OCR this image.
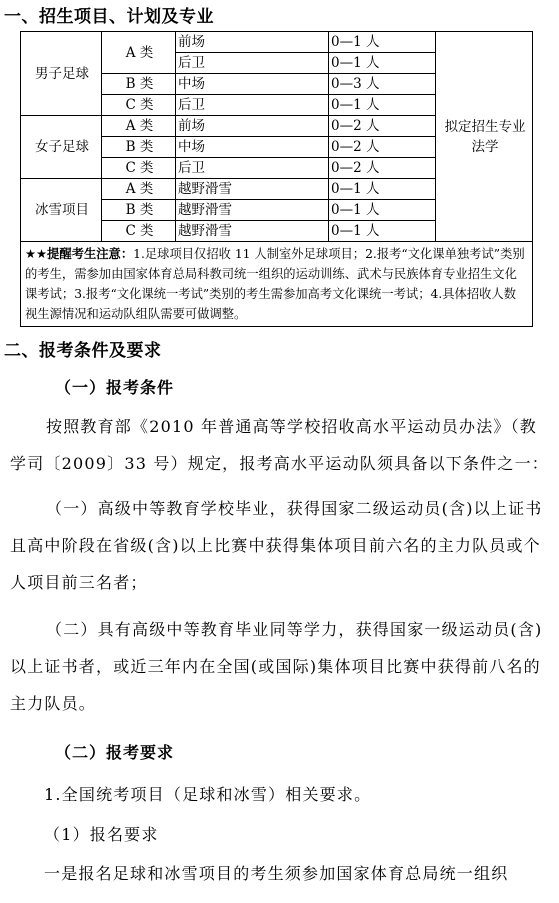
一、招生项目、计划及专业
男子足球	A 类	前场	0—1 人	拟定招生专业
法学

		后卫	0—1 人	
	B 类	中场	0—3 人	
	C 类	后卫	0—1 人	
女子足球	A 类	前场	0—2 人	
	B 类	中场	0—2 人	
	C 类	后卫	0—2 人	
冰雪项目	A 类	越野滑雪	0—1 人	
	B 类	越野滑雪	0—1 人	
	C 类	越野滑雪	0—1 人	
★★提醒考生注意：1.足球项目仅招收 11 人制室外足球项目；2.报考“文化课单独考试”类别的考生，需参加由国家体育总局科教司统一组织的运动训练、武术与民族体育专业招生文化课考试；3.报考“文化课统一考试”类别的考生需参加高考文化课统一考试；4.具体招收人数视生源情况和运动队组队需要可做调整。				
二、报考条件及要求
（一）报考条件
按照教育部《2010 年普通高等学校招收高水平运动员办法》（教学司〔2009〕33 号）规定，报考高水平运动队须具备以下条件之一：
（一）高级中等教育学校毕业，获得国家二级运动员(含)以上证书且高中阶段在省级(含)以上比赛中获得集体项目前六名的主力队员或个人项目前三名者；
（二）具有高级中等教育毕业同等学力，获得国家一级运动员(含)以上证书者，或近三年内在全国(或国际)集体项目比赛中获得前八名的主力队员。
（二）报考要求
1.全国统考项目（足球和冰雪）相关要求。
（1）报名要求
一是报名足球和冰雪项目的考生须参加国家体育总局统一组织
